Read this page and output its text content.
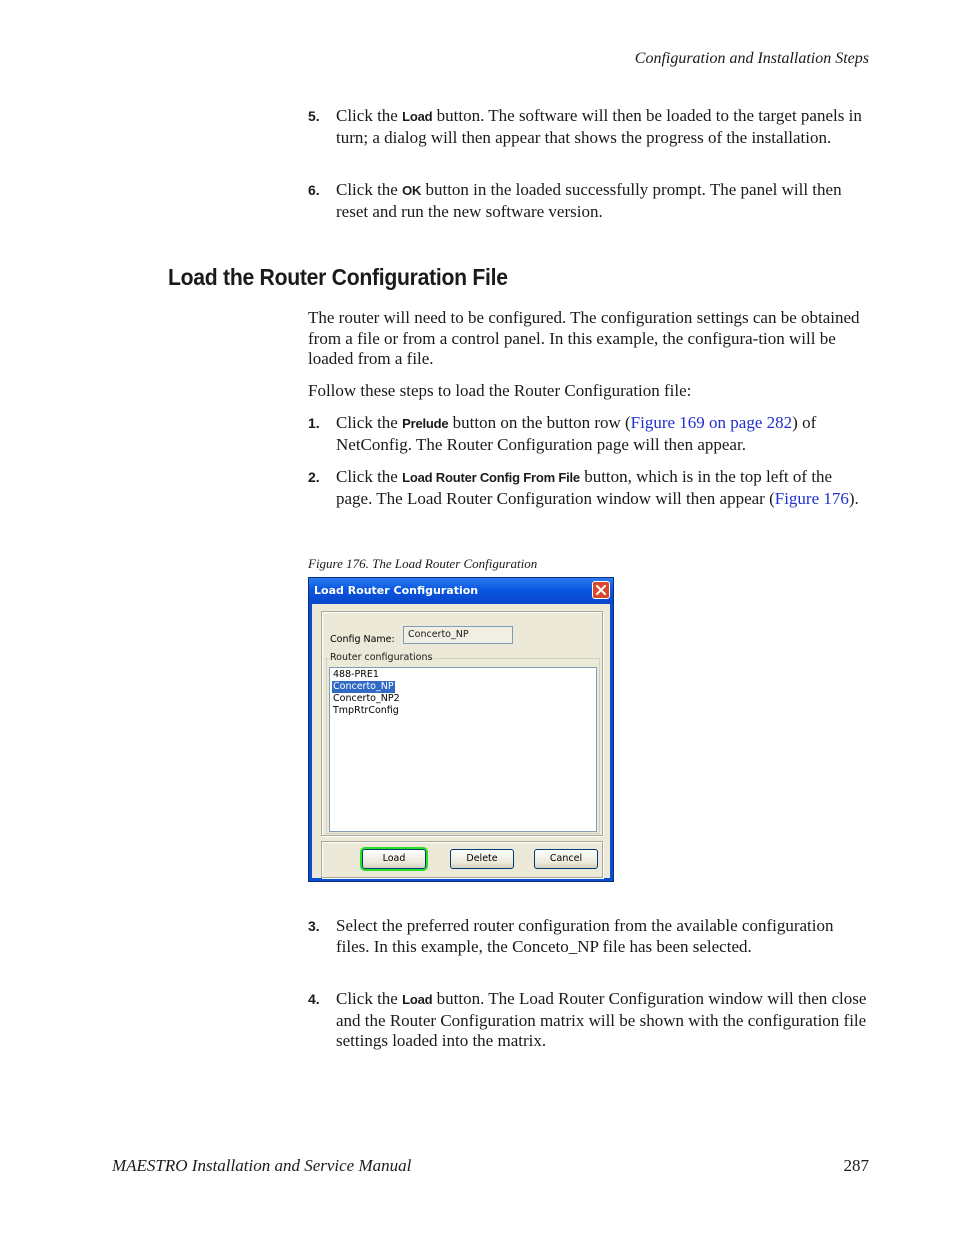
Configuration and Installation Steps
5. Click the Load button. The software will then be loaded to the target panels in turn; a dialog will then appear that shows the progress of the installation.
6. Click the OK button in the loaded successfully prompt. The panel will then reset and run the new software version.
Load the Router Configuration File
The router will need to be configured. The configuration settings can be obtained from a file or from a control panel. In this example, the configura-tion will be loaded from a file.
Follow these steps to load the Router Configuration file:
1. Click the Prelude button on the button row (Figure 169 on page 282) of NetConfig. The Router Configuration page will then appear.
2. Click the Load Router Config From File button, which is in the top left of the page. The Load Router Configuration window will then appear (Figure 176).
Figure 176. The Load Router Configuration
Load Router Configuration
Config Name:	Concerto_NP
Router configurations
488-PRE1
Concerto_NP
Concerto_NP2
TmpRtrConfig
Load	Delete	Cancel
3. Select the preferred router configuration from the available configuration files. In this example, the Conceto_NP file has been selected.
4. Click the Load button. The Load Router Configuration window will then close and the Router Configuration matrix will be shown with the configuration file settings loaded into the matrix.
MAESTRO Installation and Service Manual	287
